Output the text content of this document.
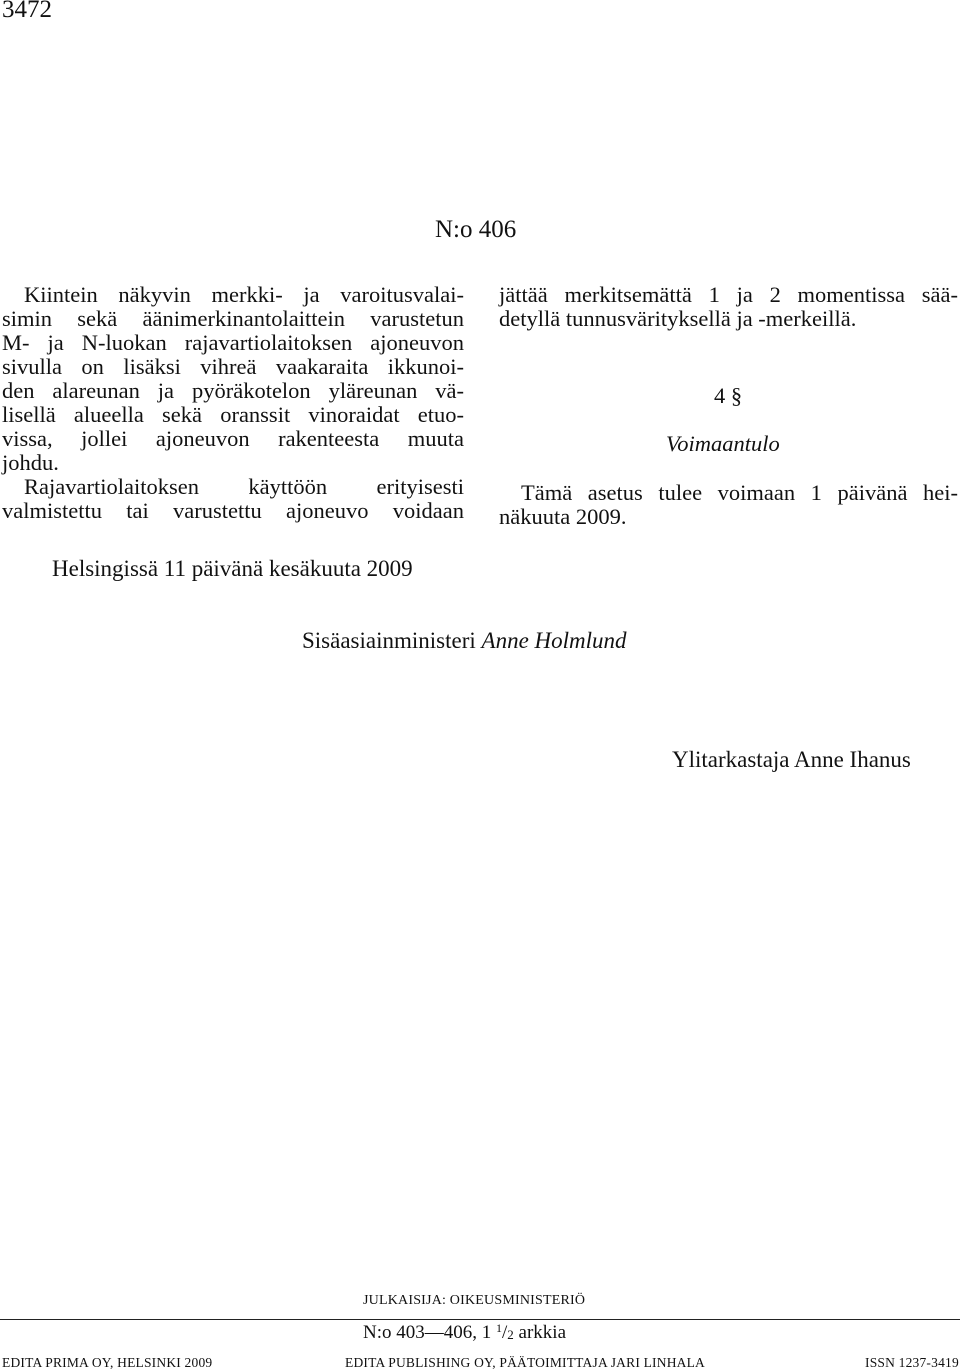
3472
N:o 406
Kiintein näkyvin merkki- ja varoitusvalai-
simin sekä äänimerkinantolaittein varustetun
M- ja N-luokan rajavartiolaitoksen ajoneuvon
sivulla on lisäksi vihreä vaakaraita ikkunoi-
den alareunan ja pyöräkotelon yläreunan vä-
lisellä alueella sekä oranssit vinoraidat etuo-
vissa, jollei ajoneuvon rakenteesta muuta
johdu.
Rajavartiolaitoksen käyttöön erityisesti
valmistettu tai varustettu ajoneuvo voidaan
jättää merkitsemättä 1 ja 2 momentissa sää-
detyllä tunnusvärityksellä ja -merkeillä.
4 §
Voimaantulo
Tämä asetus tulee voimaan 1 päivänä hei-
näkuuta 2009.
Helsingissä 11 päivänä kesäkuuta 2009
Sisäasiainministeri Anne Holmlund
Ylitarkastaja Anne Ihanus
JULKAISIJA: OIKEUSMINISTERIÖ
N:o 403—406, 1 $^1/_2$ arkkia
EDITA PRIMA OY, HELSINKI 2009	EDITA PUBLISHING OY, PÄÄTOIMITTAJA JARI LINHALA	ISSN 1237-3419
